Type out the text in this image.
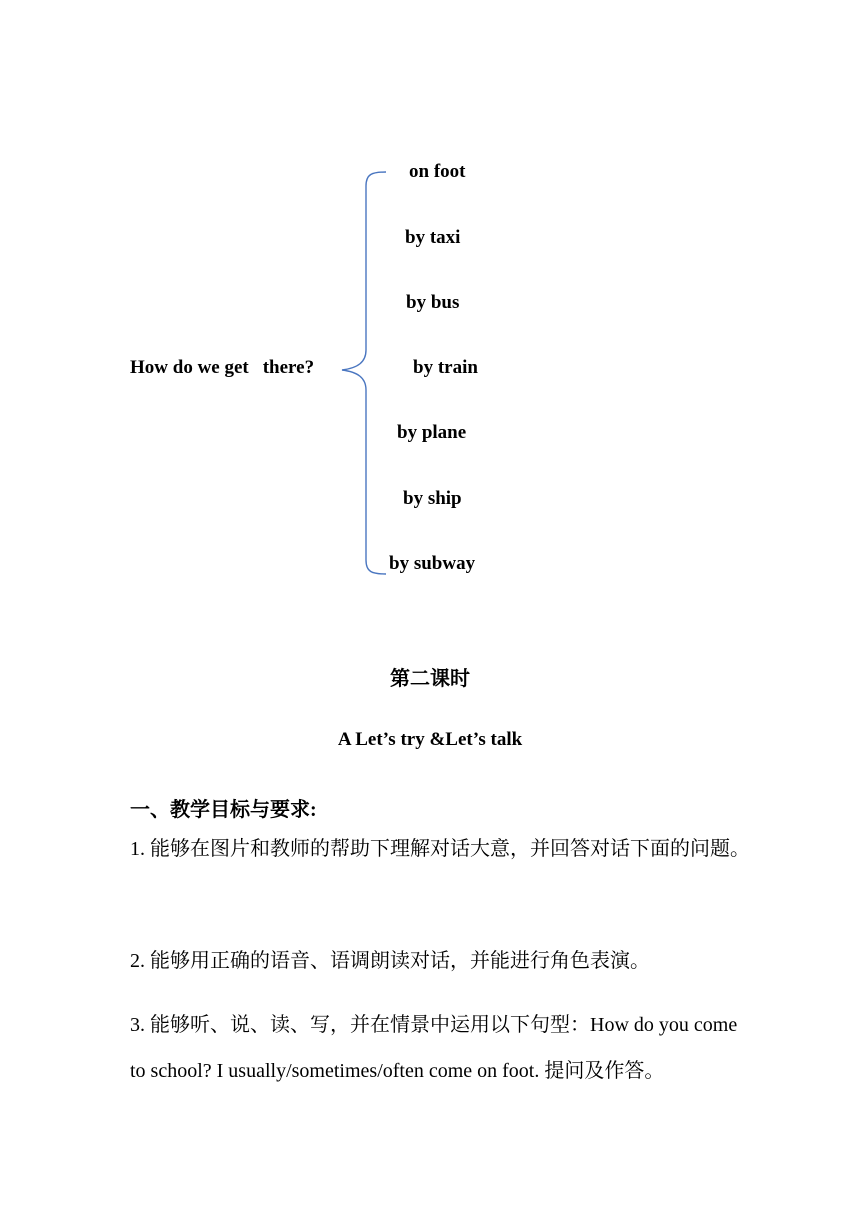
How do we get there?
on foot
by taxi
by bus
by train
by plane
by ship
by subway
第二课时
A Let’s try &Let’s talk
一、教学目标与要求:
1. 能够在图片和教师的帮助下理解对话大意，并回答对话下面的问题。
2. 能够用正确的语音、语调朗读对话，并能进行角色表演。
3. 能够听、说、读、写，并在情景中运用以下句型：How do you come to school? I usually/sometimes/often come on foot. 提问及作答。
